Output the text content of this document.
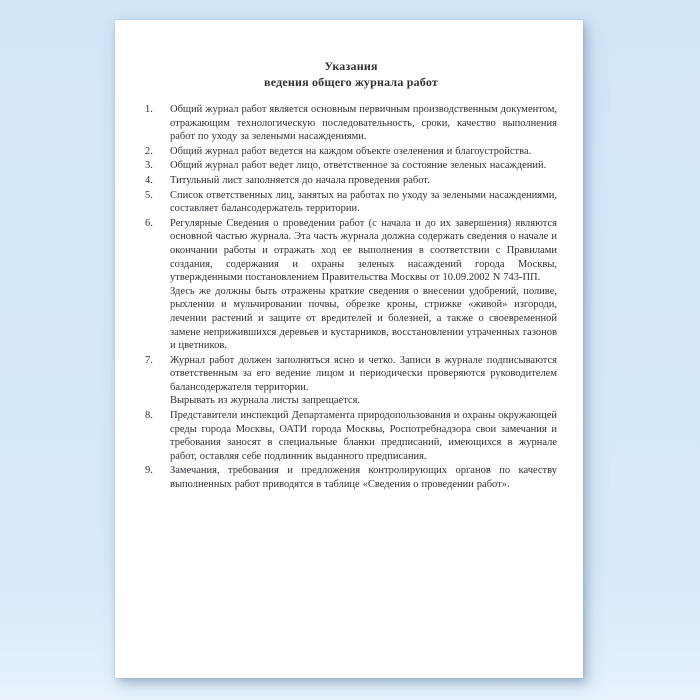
Указания
ведения общего журнала работ
1.	Общий журнал работ является основным первичным производственным документом, отражающим технологическую последовательность, сроки, качество выполнения работ по уходу за зелеными насаждениями.

2.	Общий журнал работ ведется на каждом объекте озеленения и благоустройства.

3.	Общий журнал работ ведет лицо, ответственное за состояние зеленых насаждений.

4.	Титульный лист заполняется до начала проведения работ.

5.	Список ответственных лиц, занятых на работах по уходу за зелеными насаждениями, составляет балансодержатель территории.

6.	Регулярные Сведения о проведении работ (с начала и до их завершения) являются основной частью журнала. Эта часть журнала должна содержать сведения о начале и окончании работы и отражать ход ее выполнения в соответствии с Правилами создания, содержания и охраны зеленых насаждений города Москвы, утвержденными постановлением Правительства Москвы от 10.09.2002 N 743-ПП.

Здесь же должны быть отражены краткие сведения о внесении удобрений, поливе, рыхлении и мульчировании почвы, обрезке кроны, стрижке «живой» изгороди, лечении растений и защите от вредителей и болезней, а также о своевременной замене неприжившихся деревьев и кустарников, восстановлении утраченных газонов и цветников.

7.	Журнал работ должен заполняться ясно и четко. Записи в журнале подписываются ответственным за его ведение лицом и периодически проверяются руководителем балансодержателя территории.

Вырывать из журнала листы запрещается.

8.	Представители инспекций Департамента природопользования и охраны окружающей среды города Москвы, ОАТИ города Москвы, Роспотребнадзора свои замечания и требования заносят в специальные бланки предписаний, имеющихся в журнале работ, оставляя себе подлинник выданного предписания.

9.	Замечания, требования и предложения контролирующих органов по качеству выполненных работ приводятся в таблице «Сведения о проведении работ».
